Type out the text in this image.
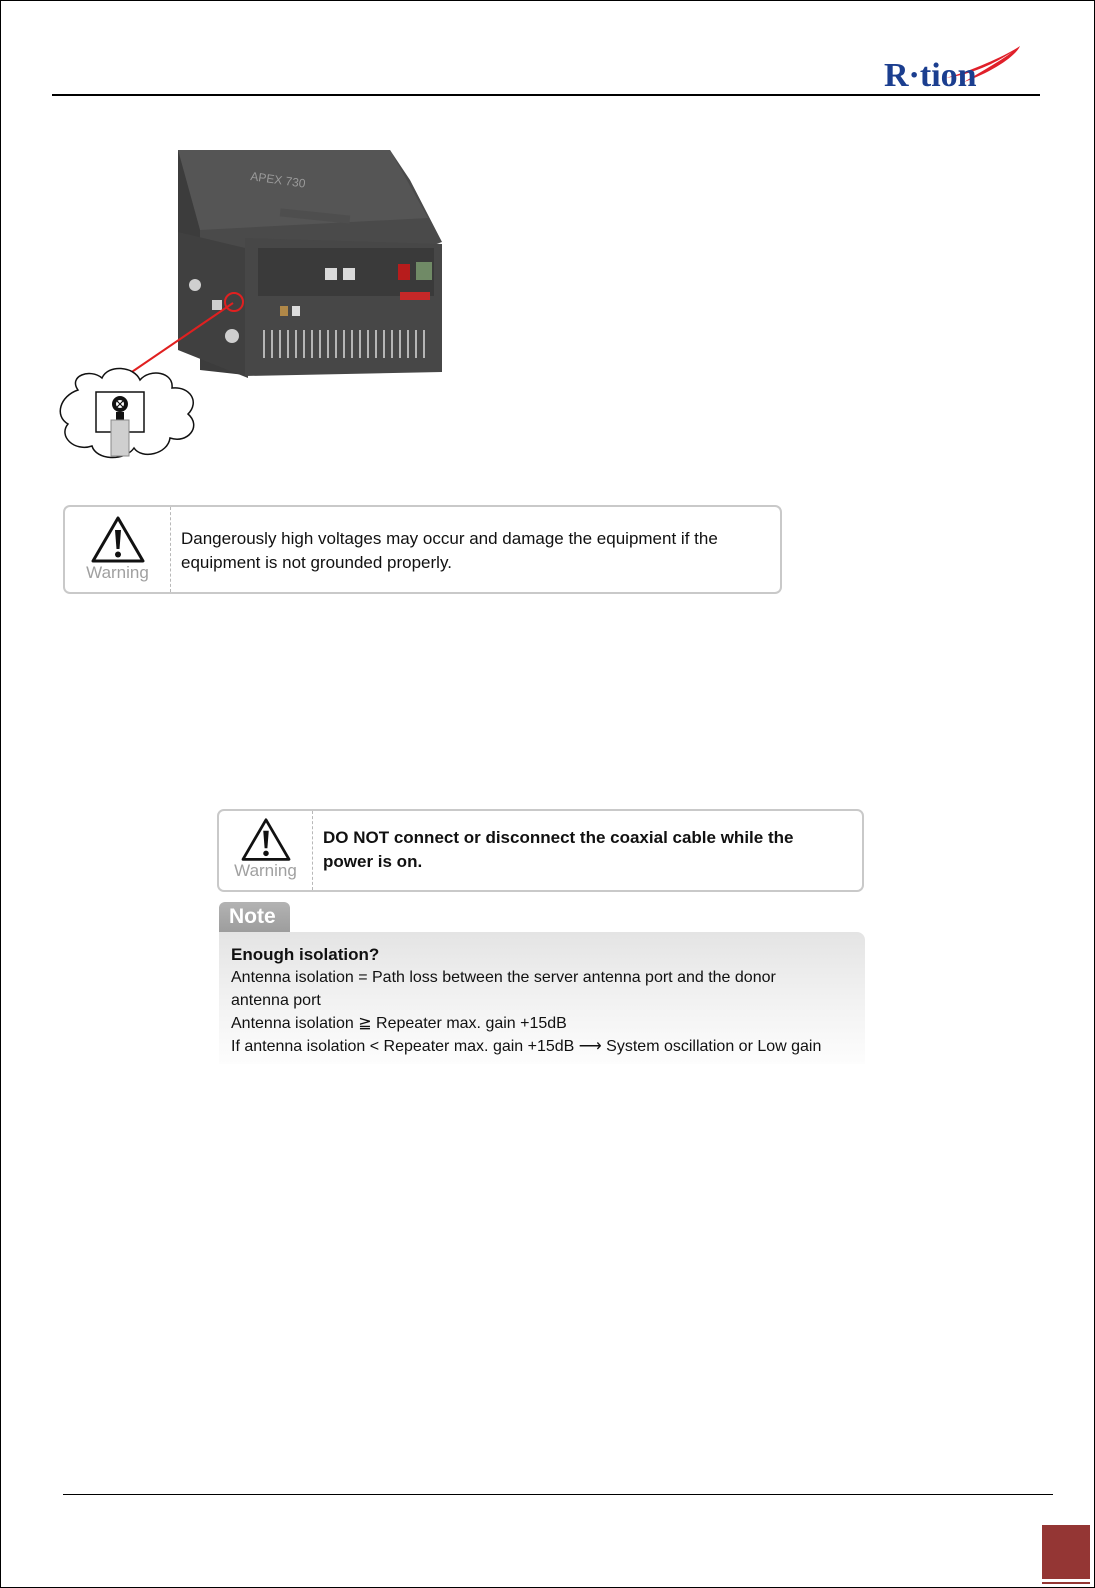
R·tion
APEX 730
Warning
Dangerously high voltages may occur and damage the equipment if the equipment is not grounded properly.
Warning
DO NOT connect or disconnect the coaxial cable while the power is on.
Note

Enough isolation?

Antenna isolation = Path loss between the server antenna port and the donor

antenna port

Antenna isolation ≧ Repeater max. gain +15dB

If antenna isolation < Repeater max. gain +15dB ⟶ System oscillation or Low gain
